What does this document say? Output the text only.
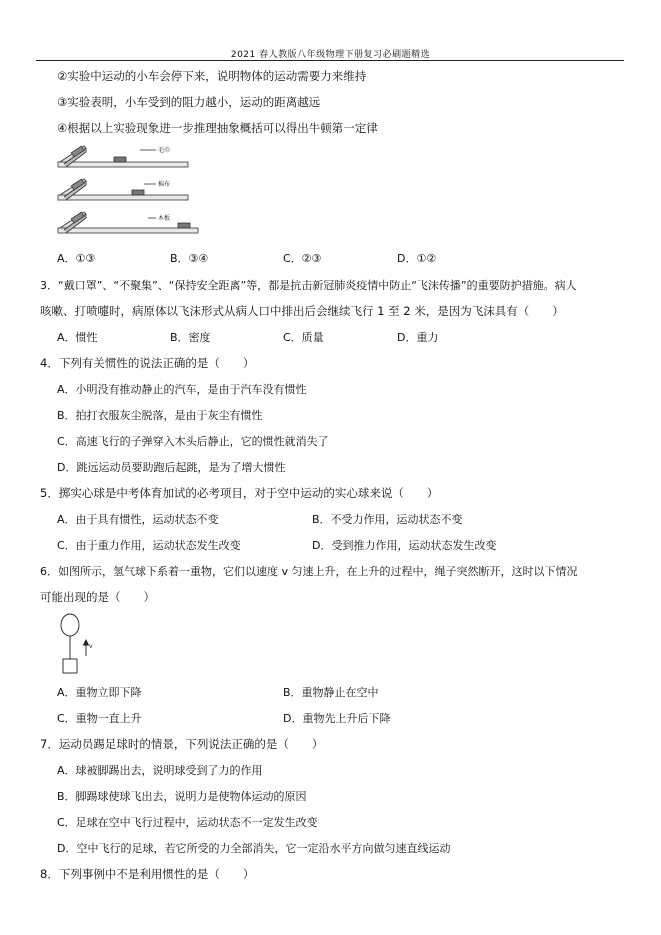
2021 春人教版八年级物理下册复习必刷题精选
②实验中运动的小车会停下来，说明物体的运动需要力来维持
③实验表明，小车受到的阻力越小，运动的距离越远
④根据以上实验现象进一步推理抽象概括可以得出牛顿第一定律
毛巾
棉布
木板
A．①③	B．③④	C．②③	D．①②
3．“戴口罩”、“不聚集”、“保持安全距离”等，都是抗击新冠肺炎疫情中防止“飞沫传播”的重要防护措施。病人
咳嗽、打喷嚏时，病原体以飞沫形式从病人口中排出后会继续飞行 1 至 2 米，是因为飞沫具有（　　）
A．惯性	B．密度	C．质量	D．重力
4．下列有关惯性的说法正确的是（　　）
A．小明没有推动静止的汽车，是由于汽车没有惯性
B．拍打衣服灰尘脱落，是由于灰尘有惯性
C．高速飞行的子弹穿入木头后静止，它的惯性就消失了
D．跳远运动员要助跑后起跳，是为了增大惯性
5．掷实心球是中考体育加试的必考项目，对于空中运动的实心球来说（　　）
A．由于具有惯性，运动状态不变	B．不受力作用，运动状态不变
C．由于重力作用，运动状态发生改变	D．受到推力作用，运动状态发生改变
6．如图所示，氢气球下系着一重物，它们以速度 v 匀速上升，在上升的过程中，绳子突然断开，这时以下情况
可能出现的是（　　）
v
A．重物立即下降	B．重物静止在空中
C．重物一直上升	D．重物先上升后下降
7．运动员踢足球时的情景，下列说法正确的是（　　）
A．球被脚踢出去，说明球受到了力的作用
B．脚踢球使球飞出去，说明力是使物体运动的原因
C．足球在空中飞行过程中，运动状态不一定发生改变
D．空中飞行的足球，若它所受的力全部消失，它一定沿水平方向做匀速直线运动
8．下列事例中不是利用惯性的是（　　）
